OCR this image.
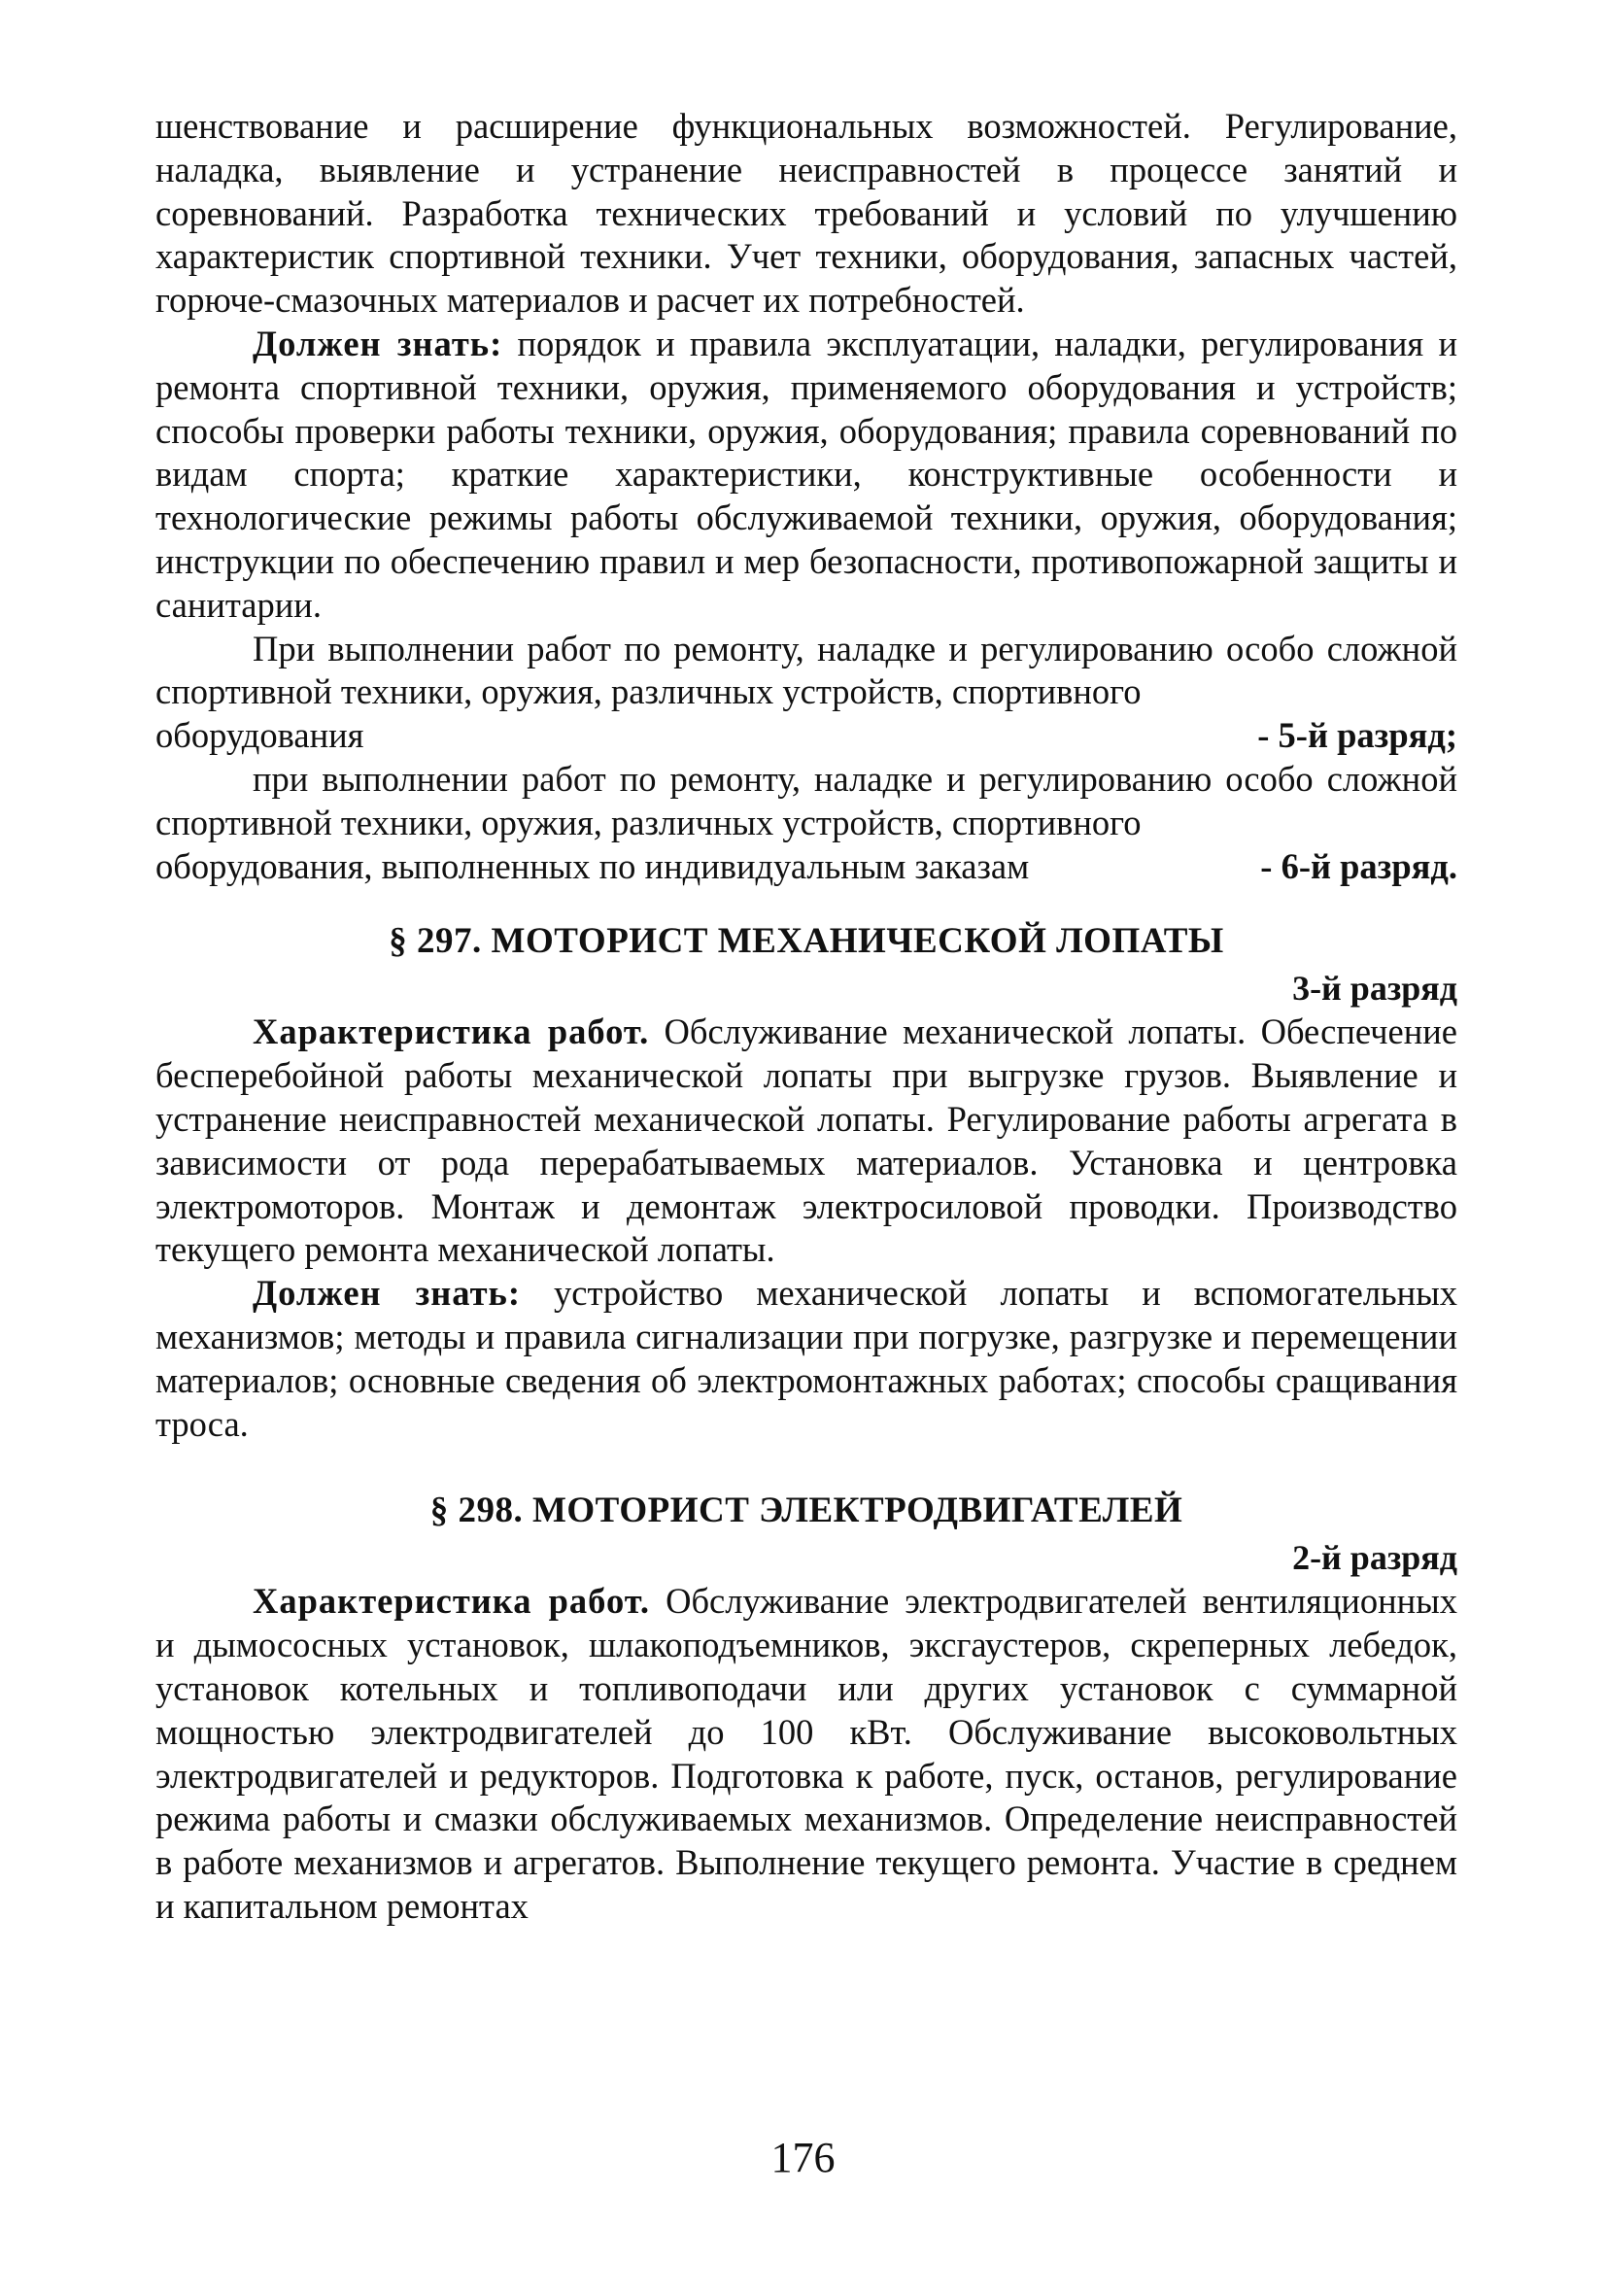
шенствование и расширение функциональных возможностей. Регулирование, наладка, выявление и устранение неисправностей в процессе занятий и соревнований. Разработка технических требований и условий по улучшению характеристик спортивной техники. Учет техники, оборудования, запасных частей, горюче-смазочных материалов и расчет их потребностей.

Должен знать: порядок и правила эксплуатации, наладки, регулирования и ремонта спортивной техники, оружия, применяемого оборудования и устройств; способы проверки работы техники, оружия, оборудования; правила соревнований по видам спорта; краткие характеристики, конструктивные особенности и технологические режимы работы обслуживаемой техники, оружия, оборудования; инструкции по обеспечению правил и мер безопасности, противопожарной защиты и санитарии.

При выполнении работ по ремонту, наладке и регулированию особо сложной спортивной техники, оружия, различных устройств, спортивного

оборудования	- 5-й разряд;

при выполнении работ по ремонту, наладке и регулированию особо сложной спортивной техники, оружия, различных устройств, спортивного

оборудования, выполненных по индивидуальным заказам	- 6-й разряд.

§ 297. МОТОРИСТ МЕХАНИЧЕСКОЙ ЛОПАТЫ
3-й разряд

Характеристика работ. Обслуживание механической лопаты. Обеспечение бесперебойной работы механической лопаты при выгрузке грузов. Выявление и устранение неисправностей механической лопаты. Регулирование работы агрегата в зависимости от рода перерабатываемых материалов. Установка и центровка электромоторов. Монтаж и демонтаж электросиловой проводки. Производство текущего ремонта механической лопаты.

Должен знать: устройство механической лопаты и вспомогательных механизмов; методы и правила сигнализации при погрузке, разгрузке и перемещении материалов; основные сведения об электромонтажных работах; способы сращивания троса.

§ 298. МОТОРИСТ ЭЛЕКТРОДВИГАТЕЛЕЙ
2-й разряд

Характеристика работ. Обслуживание электродвигателей вентиляционных и дымососных установок, шлакоподъемников, эксгаустеров, скреперных лебедок, установок котельных и топливоподачи или других установок с суммарной мощностью электродвигателей до 100 кВт. Обслуживание высоковольтных электродвигателей и редукторов. Подготовка к работе, пуск, останов, регулирование режима работы и смазки обслуживаемых механизмов. Определение неисправностей в работе механизмов и агрегатов. Выполнение текущего ремонта. Участие в среднем и капитальном ремонтах

176
